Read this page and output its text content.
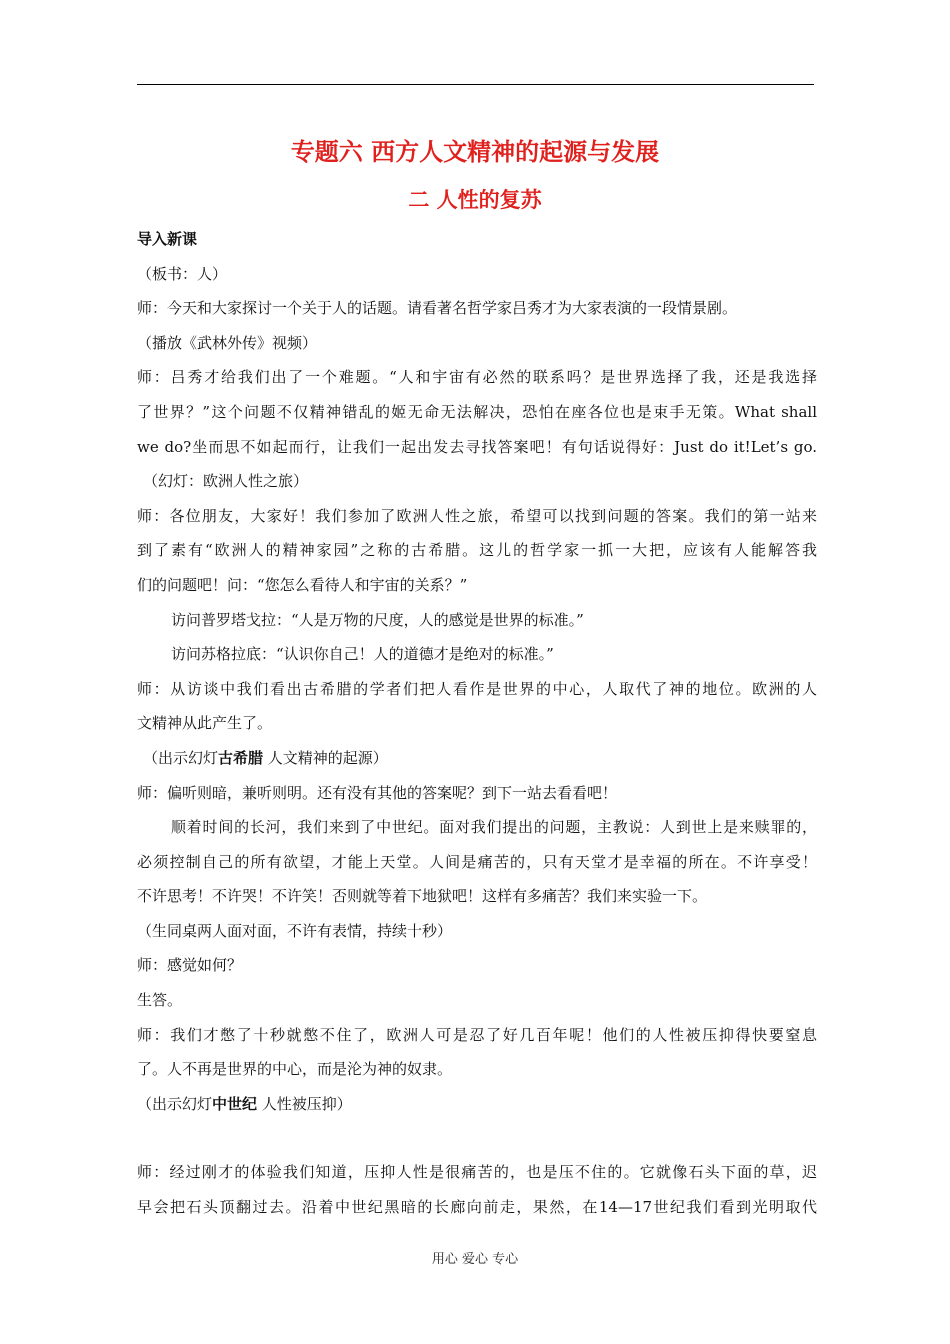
专题六 西方人文精神的起源与发展
二 人性的复苏

导入新课

（板书：人）

师：今天和大家探讨一个关于人的话题。请看著名哲学家吕秀才为大家表演的一段情景剧。

（播放《武林外传》视频）

师：吕秀才给我们出了一个难题。“人和宇宙有必然的联系吗？是世界选择了我，还是我选择

了世界？”这个问题不仅精神错乱的姬无命无法解决，恐怕在座各位也是束手无策。What shall

we do?坐而思不如起而行，让我们一起出发去寻找答案吧！有句话说得好：Just do it!Let’s go.

（幻灯：欧洲人性之旅）

师：各位朋友，大家好！我们参加了欧洲人性之旅，希望可以找到问题的答案。我们的第一站来

到了素有“欧洲人的精神家园”之称的古希腊。这儿的哲学家一抓一大把，应该有人能解答我

们的问题吧！问：“您怎么看待人和宇宙的关系？”

访问普罗塔戈拉：“人是万物的尺度，人的感觉是世界的标准。”

访问苏格拉底：“认识你自己！人的道德才是绝对的标准。”

师：从访谈中我们看出古希腊的学者们把人看作是世界的中心，人取代了神的地位。欧洲的人

文精神从此产生了。

（出示幻灯古希腊 人文精神的起源）

师：偏听则暗，兼听则明。还有没有其他的答案呢？到下一站去看看吧！

顺着时间的长河，我们来到了中世纪。面对我们提出的问题，主教说：人到世上是来赎罪的，

必须控制自己的所有欲望，才能上天堂。人间是痛苦的，只有天堂才是幸福的所在。不许享受！

不许思考！不许哭！不许笑！否则就等着下地狱吧！这样有多痛苦？我们来实验一下。

（生同桌两人面对面，不许有表情，持续十秒）

师：感觉如何？

生答。

师：我们才憋了十秒就憋不住了，欧洲人可是忍了好几百年呢！他们的人性被压抑得快要窒息

了。人不再是世界的中心，而是沦为神的奴隶。

（出示幻灯中世纪 人性被压抑）

师：经过刚才的体验我们知道，压抑人性是很痛苦的，也是压不住的。它就像石头下面的草，迟

早会把石头顶翻过去。沿着中世纪黑暗的长廊向前走，果然，在14—17世纪我们看到光明取代

用心 爱心 专心
